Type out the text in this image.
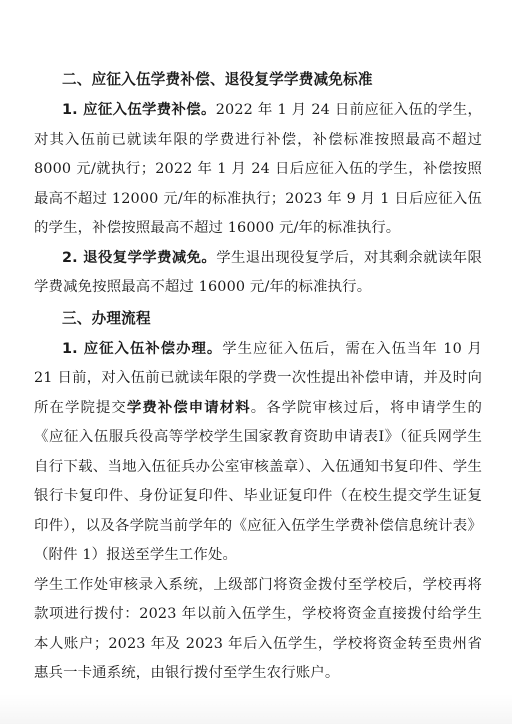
二、应征入伍学费补偿、退役复学学费减免标准

1. 应征入伍学费补偿。2022 年 1 月 24 日前应征入伍的学生，对其入伍前已就读年限的学费进行补偿，补偿标准按照最高不超过 8000 元/就执行；2022 年 1 月 24 日后应征入伍的学生，补偿按照最高不超过 12000 元/年的标准执行；2023 年 9 月 1 日后应征入伍的学生，补偿按照最高不超过 16000 元/年的标准执行。

2. 退役复学学费减免。学生退出现役复学后，对其剩余就读年限学费减免按照最高不超过 16000 元/年的标准执行。

三、办理流程

1. 应征入伍补偿办理。学生应征入伍后，需在入伍当年 10 月 21 日前，对入伍前已就读年限的学费一次性提出补偿申请，并及时向所在学院提交学费补偿申请材料。各学院审核过后，将申请学生的《应征入伍服兵役高等学校学生国家教育资助申请表Ⅰ》（征兵网学生自行下载、当地入伍征兵办公室审核盖章）、入伍通知书复印件、学生银行卡复印件、身份证复印件、毕业证复印件（在校生提交学生证复印件），以及各学院当前学年的《应征入伍学生学费补偿信息统计表》（附件 1）报送至学生工作处。

学生工作处审核录入系统，上级部门将资金拨付至学校后，学校再将款项进行拨付：2023 年以前入伍学生，学校将资金直接拨付给学生本人账户；2023 年及 2023 年后入伍学生，学校将资金转至贵州省惠兵一卡通系统，由银行拨付至学生农行账户。
